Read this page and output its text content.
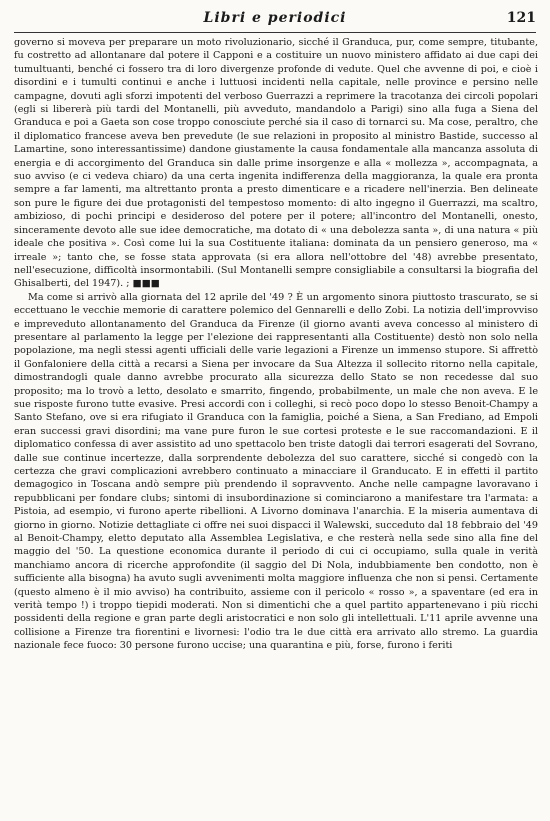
Libri e periodici	121

governo si moveva per preparare un moto rivoluzionario, sicché il Granduca, pur, come sempre, titubante, fu costretto ad allontanare dal potere il Capponi e a costituire un nuovo ministero affidato ai due capi dei tumultuanti, benché ci fossero tra di loro divergenze profonde di vedute. Quel che avvenne di poi, e cioè i disordini e i tumulti continui e anche i luttuosi incidenti nella capitale, nelle province e persino nelle campagne, dovuti agli sforzi impotenti del verboso Guerrazzi a reprimere la tracotanza dei circoli popolari (egli si libererà più tardi del Montanelli, più avveduto, mandandolo a Parigi) sino alla fuga a Siena del Granduca e poi a Gaeta son cose troppo conosciute perché sia il caso di tornarci su. Ma cose, peraltro, che il diplomatico francese aveva ben prevedute (le sue relazioni in proposito al ministro Bastide, successo al Lamartine, sono interessantissime) dandone giustamente la causa fondamentale alla mancanza assoluta di energia e di accorgimento del Granduca sin dalle prime insorgenze e alla « mollezza », accompagnata, a suo avviso (e ci vedeva chiaro) da una certa ingenita indifferenza della maggioranza, la quale era pronta sempre a far lamenti, ma altrettanto pronta a presto dimenticare e a ricadere nell'inerzia. Ben delineate son pure le figure dei due protagonisti del tempestoso momento: di alto ingegno il Guerrazzi, ma scaltro, ambizioso, di pochi principi e desideroso del potere per il potere; all'incontro del Montanelli, onesto, sinceramente devoto alle sue idee democratiche, ma dotato di « una debolezza santa », di una natura « più ideale che positiva ». Così come lui la sua Costituente italiana: dominata da un pensiero generoso, ma « irreale »; tanto che, se fosse stata approvata (si era allora nell'ottobre del '48) avrebbe presentato, nell'esecuzione, difficoltà insormontabili. (Sul Montanelli sempre consigliabile a consultarsi la biografia del Ghisalberti, del 1947). ; ■■■

Ma come si arrivò alla giornata del 12 aprile del '49 ? È un argomento sinora piuttosto trascurato, se si eccettuano le vecchie memorie di carattere polemico del Gennarelli e dello Zobi. La notizia dell'improvviso e impreveduto allontanamento del Granduca da Firenze (il giorno avanti aveva concesso al ministero di presentare al parlamento la legge per l'elezione dei rappresentanti alla Costituente) destò non solo nella popolazione, ma negli stessi agenti ufficiali delle varie legazioni a Firenze un immenso stupore. Si affrettò il Gonfaloniere della città a recarsi a Siena per invocare da Sua Altezza il sollecito ritorno nella capitale, dimostrandogli quale danno avrebbe procurato alla sicurezza dello Stato se non recedesse dal suo proposito; ma lo trovò a letto, desolato e smarrito, fingendo, probabilmente, un male che non aveva. E le sue risposte furono tutte evasive. Presi accordi con i colleghi, si recò poco dopo lo stesso Benoit-Champy a Santo Stefano, ove si era rifugiato il Granduca con la famiglia, poiché a Siena, a San Frediano, ad Empoli eran successi gravi disordini; ma vane pure furon le sue cortesi proteste e le sue raccomandazioni. E il diplomatico confessa di aver assistito ad uno spettacolo ben triste datogli dai terrori esagerati del Sovrano, dalle sue continue incertezze, dalla sorprendente debolezza del suo carattere, sicché si congedò con la certezza che gravi complicazioni avrebbero continuato a minacciare il Granducato. E in effetti il partito demagogico in Toscana andò sempre più prendendo il sopravvento. Anche nelle campagne lavoravano i repubblicani per fondare clubs; sintomi di insubordinazione si cominciarono a manifestare tra l'armata: a Pistoia, ad esempio, vi furono aperte ribellioni. A Livorno dominava l'anarchia. E la miseria aumentava di giorno in giorno. Notizie dettagliate ci offre nei suoi dispacci il Walewski, succeduto dal 18 febbraio del '49 al Benoit-Champy, eletto deputato alla Assemblea Legislativa, e che resterà nella sede sino alla fine del maggio del '50. La questione economica durante il periodo di cui ci occupiamo, sulla quale in verità manchiamo ancora di ricerche approfondite (il saggio del Di Nola, indubbiamente ben condotto, non è sufficiente alla bisogna) ha avuto sugli avvenimenti molta maggiore influenza che non si pensi. Certamente (questo almeno è il mio avviso) ha contribuito, assieme con il pericolo « rosso », a spaventare (ed era in verità tempo !) i troppo tiepidi moderati. Non si dimentichi che a quel partito appartenevano i più ricchi possidenti della regione e gran parte degli aristocratici e non solo gli intellettuali. L'11 aprile avvenne una collisione a Firenze tra fiorentini e livornesi: l'odio tra le due città era arrivato allo stremo. La guardia nazionale fece fuoco: 30 persone furono uccise; una quarantina e più, forse, furono i feriti
